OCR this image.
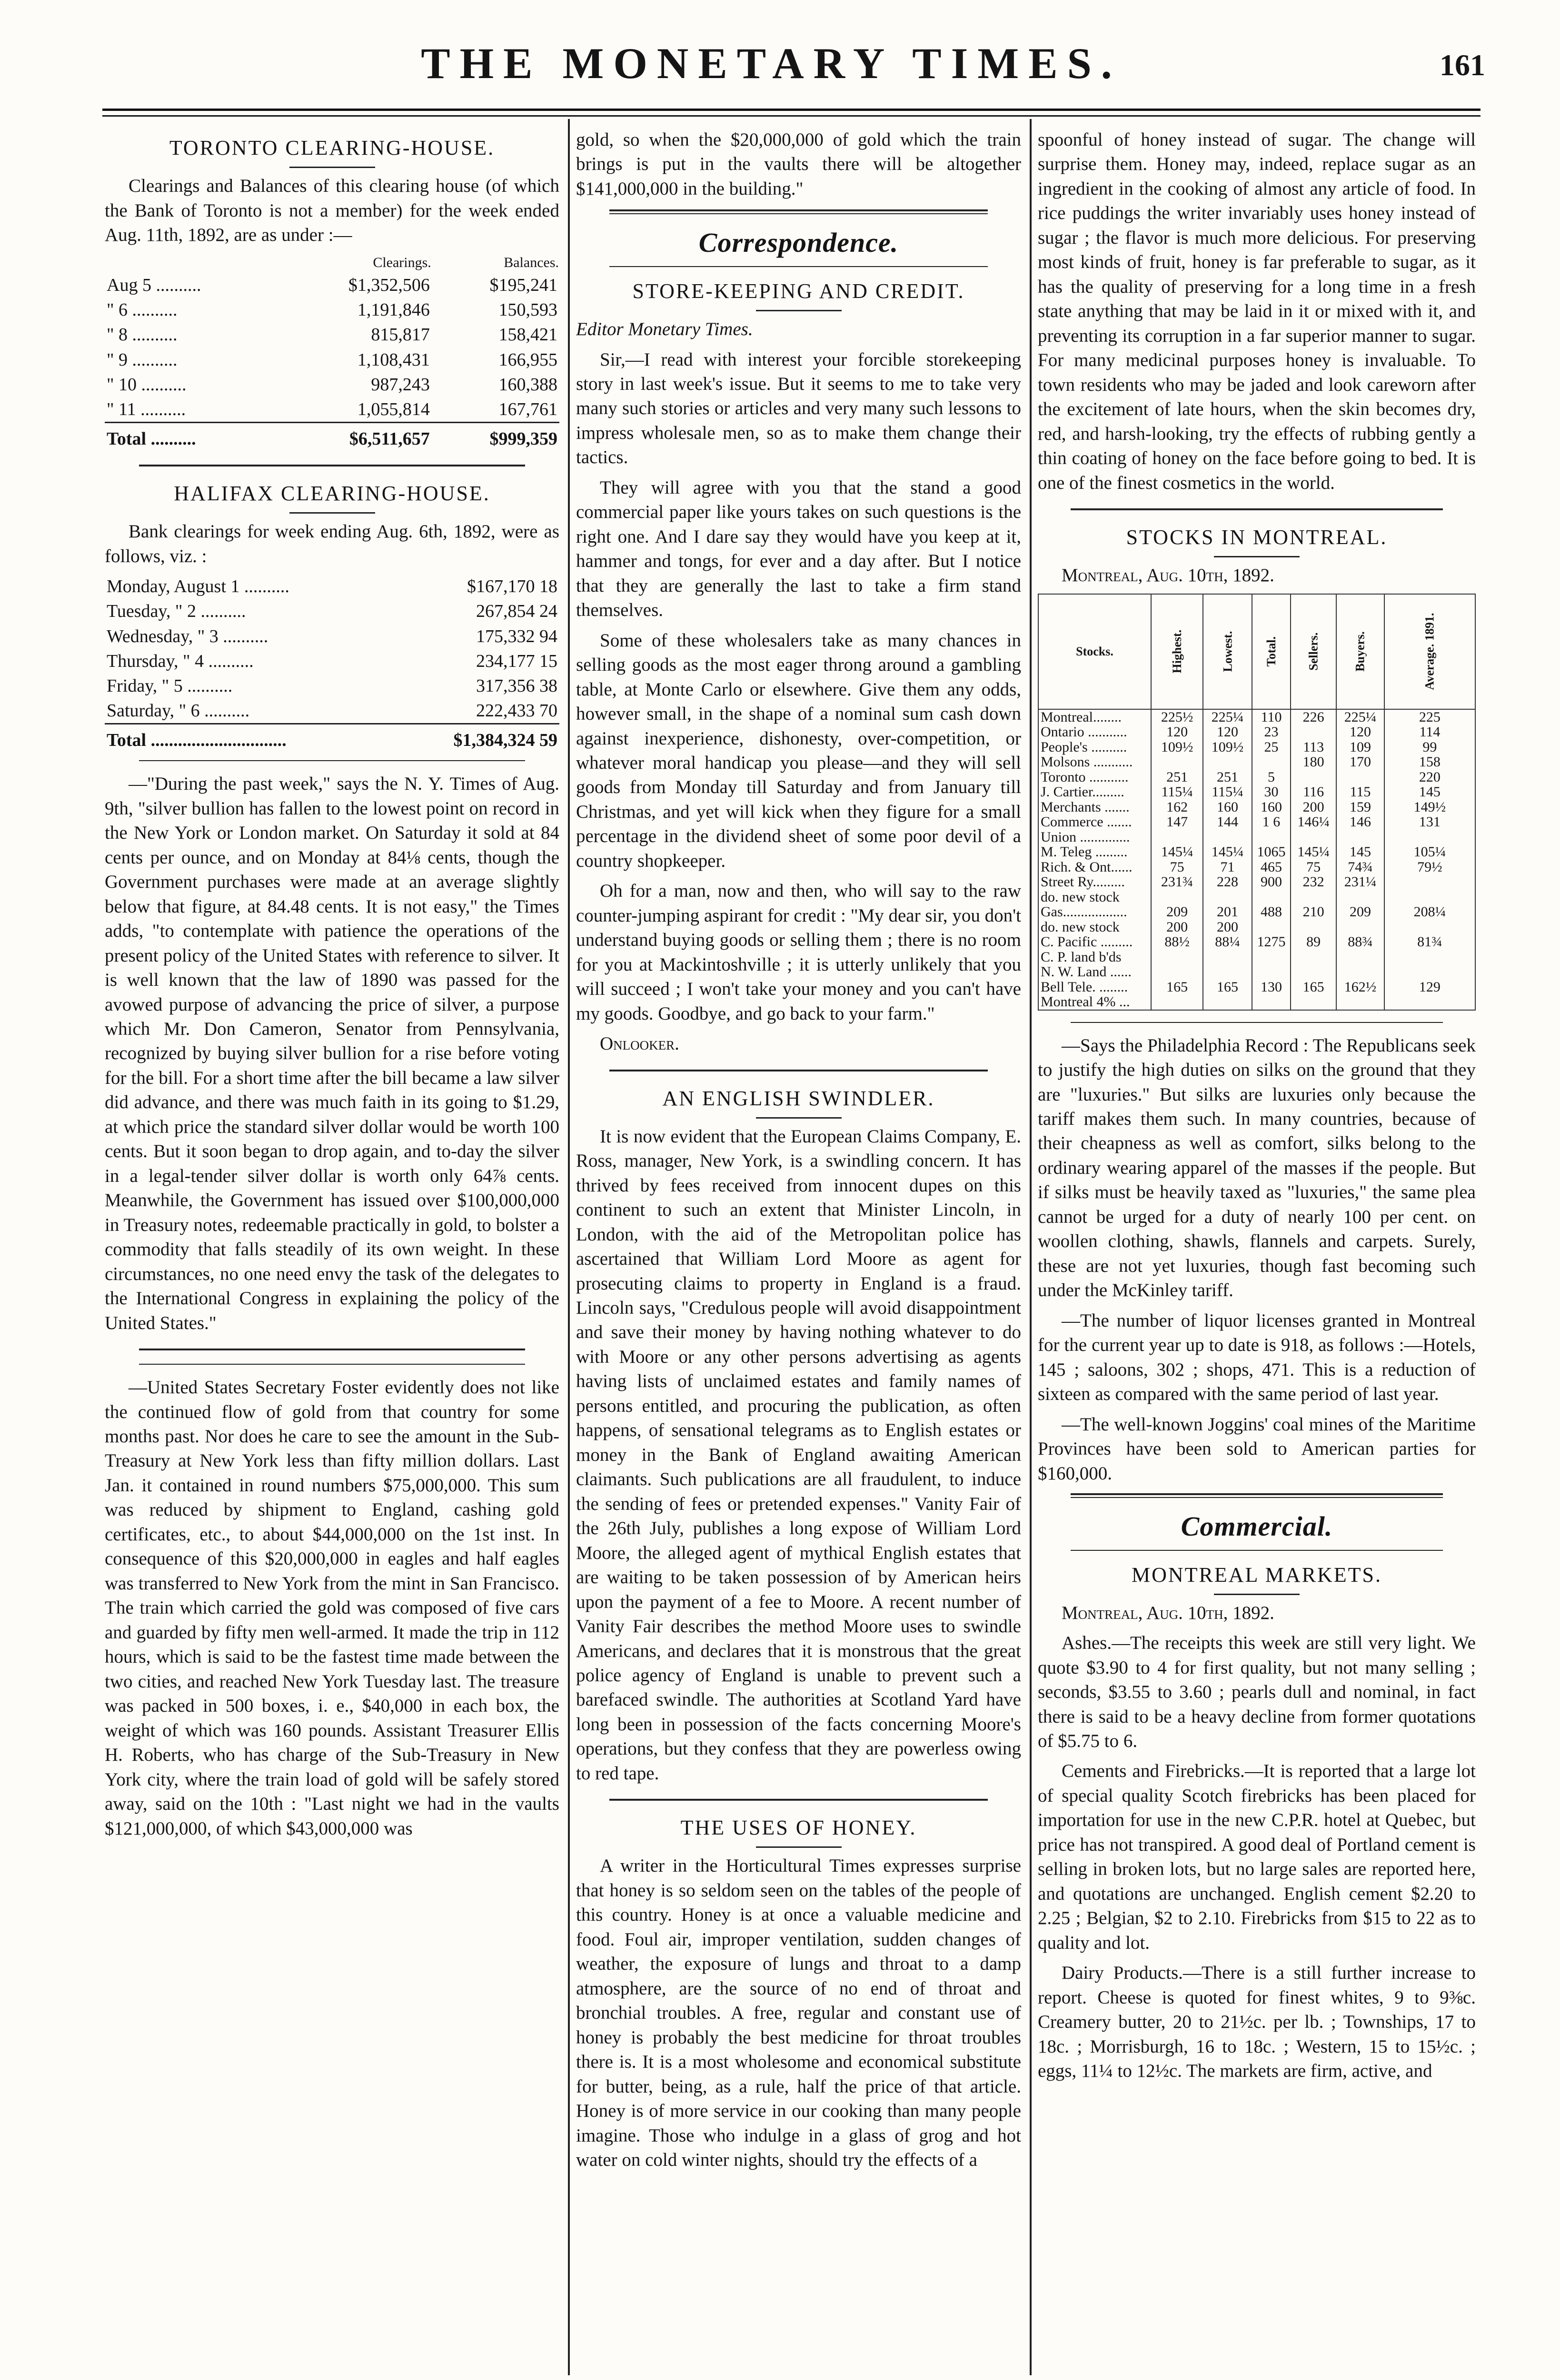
THE MONETARY TIMES.	161
TORONTO CLEARING-HOUSE.

Clearings and Balances of this clearing house (of which the Bank of Toronto is not a member) for the week ended Aug. 11th, 1892, are as under :—

	Clearings.	Balances.
Aug 5 ..........	$1,352,506	$195,241
" 6 ..........	1,191,846	150,593
" 8 ..........	815,817	158,421
" 9 ..........	1,108,431	166,955
" 10 ..........	987,243	160,388
" 11 ..........	1,055,814	167,761
Total ..........	$6,511,657	$999,359
HALIFAX CLEARING-HOUSE.

Bank clearings for week ending Aug. 6th, 1892, were as follows, viz. :

Monday, August 1 ..........	$167,170 18
Tuesday, " 2 ..........	267,854 24
Wednesday, " 3 ..........	175,332 94
Thursday, " 4 ..........	234,177 15
Friday, " 5 ..........	317,356 38
Saturday, " 6 ..........	222,433 70
Total ..............................	$1,384,324 59

—"During the past week," says the N. Y. Times of Aug. 9th, "silver bullion has fallen to the lowest point on record in the New York or London market. On Saturday it sold at 84 cents per ounce, and on Monday at 84⅛ cents, though the Government purchases were made at an average slightly below that figure, at 84.48 cents. It is not easy," the Times adds, "to contemplate with patience the operations of the present policy of the United States with reference to silver. It is well known that the law of 1890 was passed for the avowed purpose of advancing the price of silver, a purpose which Mr. Don Cameron, Senator from Pennsylvania, recognized by buying silver bullion for a rise before voting for the bill. For a short time after the bill became a law silver did advance, and there was much faith in its going to $1.29, at which price the standard silver dollar would be worth 100 cents. But it soon began to drop again, and to-day the silver in a legal-tender silver dollar is worth only 64⅞ cents. Meanwhile, the Government has issued over $100,000,000 in Treasury notes, redeemable practically in gold, to bolster a commodity that falls steadily of its own weight. In these circumstances, no one need envy the task of the delegates to the International Congress in explaining the policy of the United States."

—United States Secretary Foster evidently does not like the continued flow of gold from that country for some months past. Nor does he care to see the amount in the Sub-Treasury at New York less than fifty million dollars. Last Jan. it contained in round numbers $75,000,000. This sum was reduced by shipment to England, cashing gold certificates, etc., to about $44,000,000 on the 1st inst. In consequence of this $20,000,000 in eagles and half eagles was transferred to New York from the mint in San Francisco. The train which carried the gold was composed of five cars and guarded by fifty men well-armed. It made the trip in 112 hours, which is said to be the fastest time made between the two cities, and reached New York Tuesday last. The treasure was packed in 500 boxes, i. e., $40,000 in each box, the weight of which was 160 pounds. Assistant Treasurer Ellis H. Roberts, who has charge of the Sub-Treasury in New York city, where the train load of gold will be safely stored away, said on the 10th : "Last night we had in the vaults $121,000,000, of which $43,000,000 was

gold, so when the $20,000,000 of gold which the train brings is put in the vaults there will be altogether $141,000,000 in the building."

Correspondence.
STORE-KEEPING AND CREDIT.

Editor Monetary Times.

Sir,—I read with interest your forcible storekeeping story in last week's issue. But it seems to me to take very many such stories or articles and very many such lessons to impress wholesale men, so as to make them change their tactics.

They will agree with you that the stand a good commercial paper like yours takes on such questions is the right one. And I dare say they would have you keep at it, hammer and tongs, for ever and a day after. But I notice that they are generally the last to take a firm stand themselves.

Some of these wholesalers take as many chances in selling goods as the most eager throng around a gambling table, at Monte Carlo or elsewhere. Give them any odds, however small, in the shape of a nominal sum cash down against inexperience, dishonesty, over-competition, or whatever moral handicap you please—and they will sell goods from Monday till Saturday and from January till Christmas, and yet will kick when they figure for a small percentage in the dividend sheet of some poor devil of a country shopkeeper.

Oh for a man, now and then, who will say to the raw counter-jumping aspirant for credit : "My dear sir, you don't understand buying goods or selling them ; there is no room for you at Mackintoshville ; it is utterly unlikely that you will succeed ; I won't take your money and you can't have my goods. Goodbye, and go back to your farm."

Onlooker.

AN ENGLISH SWINDLER.

It is now evident that the European Claims Company, E. Ross, manager, New York, is a swindling concern. It has thrived by fees received from innocent dupes on this continent to such an extent that Minister Lincoln, in London, with the aid of the Metropolitan police has ascertained that William Lord Moore as agent for prosecuting claims to property in England is a fraud. Lincoln says, "Credulous people will avoid disappointment and save their money by having nothing whatever to do with Moore or any other persons advertising as agents having lists of unclaimed estates and family names of persons entitled, and procuring the publication, as often happens, of sensational telegrams as to English estates or money in the Bank of England awaiting American claimants. Such publications are all fraudulent, to induce the sending of fees or pretended expenses." Vanity Fair of the 26th July, publishes a long expose of William Lord Moore, the alleged agent of mythical English estates that are waiting to be taken possession of by American heirs upon the payment of a fee to Moore. A recent number of Vanity Fair describes the method Moore uses to swindle Americans, and declares that it is monstrous that the great police agency of England is unable to prevent such a barefaced swindle. The authorities at Scotland Yard have long been in possession of the facts concerning Moore's operations, but they confess that they are powerless owing to red tape.

THE USES OF HONEY.

A writer in the Horticultural Times expresses surprise that honey is so seldom seen on the tables of the people of this country. Honey is at once a valuable medicine and food. Foul air, improper ventilation, sudden changes of weather, the exposure of lungs and throat to a damp atmosphere, are the source of no end of throat and bronchial troubles. A free, regular and constant use of honey is probably the best medicine for throat troubles there is. It is a most wholesome and economical substitute for butter, being, as a rule, half the price of that article. Honey is of more service in our cooking than many people imagine. Those who indulge in a glass of grog and hot water on cold winter nights, should try the effects of a

spoonful of honey instead of sugar. The change will surprise them. Honey may, indeed, replace sugar as an ingredient in the cooking of almost any article of food. In rice puddings the writer invariably uses honey instead of sugar ; the flavor is much more delicious. For preserving most kinds of fruit, honey is far preferable to sugar, as it has the quality of preserving for a long time in a fresh state anything that may be laid in it or mixed with it, and preventing its corruption in a far superior manner to sugar. For many medicinal purposes honey is invaluable. To town residents who may be jaded and look careworn after the excitement of late hours, when the skin becomes dry, red, and harsh-looking, try the effects of rubbing gently a thin coating of honey on the face before going to bed. It is one of the finest cosmetics in the world.

STOCKS IN MONTREAL.

Montreal, Aug. 10th, 1892.

Stocks.	Highest.	Lowest.	Total.	Sellers.	Buyers.	Average. 1891.
Montreal........	225½	225¼	110	226	225¼	225
Ontario ...........	120	120	23		120	114
People's ..........	109½	109½	25	113	109	99
Molsons ...........				180	170	158
Toronto ...........	251	251	5			220
J. Cartier.........	115¼	115¼	30	116	115	145
Merchants .......	162	160	160	200	159	149½
Commerce .......	147	144	1 6	146¼	146	131
Union ..............						
M. Teleg .........	145¼	145¼	1065	145¼	145	105¼
Rich. & Ont......	75	71	465	75	74¾	79½
Street Ry.........	231¾	228	900	232	231¼	
do. new stock						
Gas..................	209	201	488	210	209	208¼
do. new stock	200	200				
C. Pacific .........	88½	88¼	1275	89	88¾	81¾
C. P. land b'ds						
N. W. Land ......						
Bell Tele. ........	165	165	130	165	162½	129
Montreal 4% ...						

—Says the Philadelphia Record : The Republicans seek to justify the high duties on silks on the ground that they are "luxuries." But silks are luxuries only because the tariff makes them such. In many countries, because of their cheapness as well as comfort, silks belong to the ordinary wearing apparel of the masses if the people. But if silks must be heavily taxed as "luxuries," the same plea cannot be urged for a duty of nearly 100 per cent. on woollen clothing, shawls, flannels and carpets. Surely, these are not yet luxuries, though fast becoming such under the McKinley tariff.

—The number of liquor licenses granted in Montreal for the current year up to date is 918, as follows :—Hotels, 145 ; saloons, 302 ; shops, 471. This is a reduction of sixteen as compared with the same period of last year.

—The well-known Joggins' coal mines of the Maritime Provinces have been sold to American parties for $160,000.

Commercial.
MONTREAL MARKETS.

Montreal, Aug. 10th, 1892.

Ashes.—The receipts this week are still very light. We quote $3.90 to 4 for first quality, but not many selling ; seconds, $3.55 to 3.60 ; pearls dull and nominal, in fact there is said to be a heavy decline from former quotations of $5.75 to 6.

Cements and Firebricks.—It is reported that a large lot of special quality Scotch firebricks has been placed for importation for use in the new C.P.R. hotel at Quebec, but price has not transpired. A good deal of Portland cement is selling in broken lots, but no large sales are reported here, and quotations are unchanged. English cement $2.20 to 2.25 ; Belgian, $2 to 2.10. Firebricks from $15 to 22 as to quality and lot.

Dairy Products.—There is a still further increase to report. Cheese is quoted for finest whites, 9 to 9⅜c. Creamery butter, 20 to 21½c. per lb. ; Townships, 17 to 18c. ; Morrisburgh, 16 to 18c. ; Western, 15 to 15½c. ; eggs, 11¼ to 12½c. The markets are firm, active, and
